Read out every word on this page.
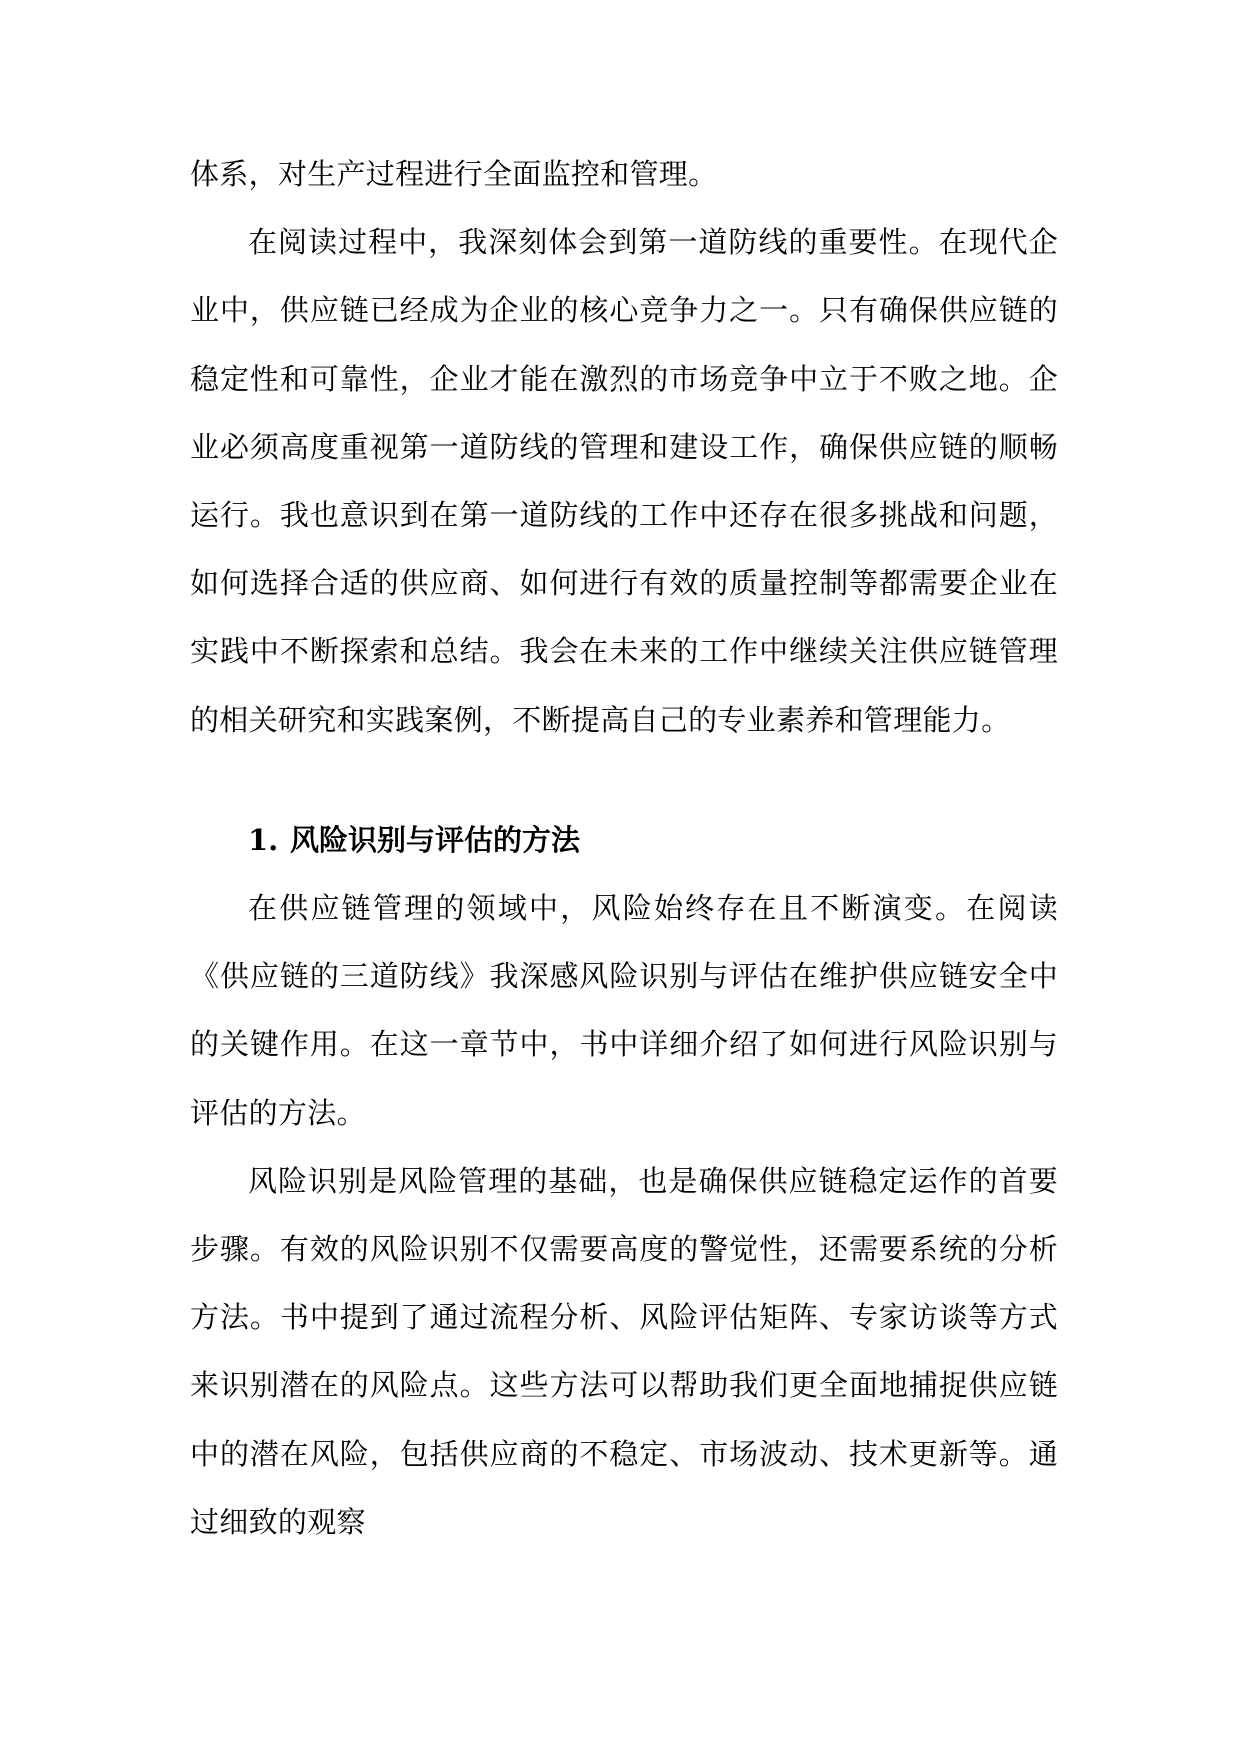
体系，对生产过程进行全面监控和管理。

在阅读过程中，我深刻体会到第一道防线的重要性。在现代企业中，供应链已经成为企业的核心竞争力之一。只有确保供应链的稳定性和可靠性，企业才能在激烈的市场竞争中立于不败之地。企业必须高度重视第一道防线的管理和建设工作，确保供应链的顺畅运行。我也意识到在第一道防线的工作中还存在很多挑战和问题，如何选择合适的供应商、如何进行有效的质量控制等都需要企业在实践中不断探索和总结。我会在未来的工作中继续关注供应链管理的相关研究和实践案例，不断提高自己的专业素养和管理能力。

1. 风险识别与评估的方法

在供应链管理的领域中，风险始终存在且不断演变。在阅读《供应链的三道防线》我深感风险识别与评估在维护供应链安全中的关键作用。在这一章节中，书中详细介绍了如何进行风险识别与评估的方法。

风险识别是风险管理的基础，也是确保供应链稳定运作的首要步骤。有效的风险识别不仅需要高度的警觉性，还需要系统的分析方法。书中提到了通过流程分析、风险评估矩阵、专家访谈等方式来识别潜在的风险点。这些方法可以帮助我们更全面地捕捉供应链中的潜在风险，包括供应商的不稳定、市场波动、技术更新等。通过细致的观察
